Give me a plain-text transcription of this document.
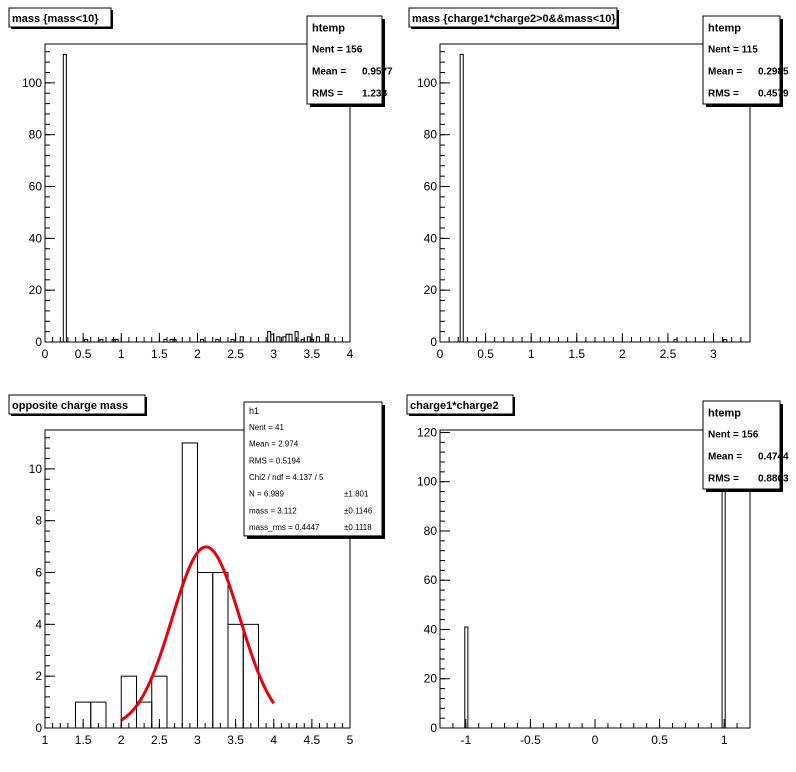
0 0.5 1 1.5 2 2.5 3 3.5 4
0
20
40
60
80
100
mass {mass<10}
htemp
Nent = 156
Mean = 0.9577
RMS = 1.238
0	0.5	1	1.5	2	2.5	3
0
20
40
60
80
100
mass {charge1*charge2>0&&mass<10}
htemp
Nent = 115
Mean = 0.2985
RMS = 0.4579
1 1.5 2 2.5 3 3.5 4 4.5 5
0
2
4
6
8
10
opposite charge mass	h1
Nent = 41
Mean = 2.974
RMS = 0.5194
Chi2 / ndf = 4.137 / 5
N = 6.989	±1.801
mass = 3.112	±0.1146
mass_rms = 0.4447	±0.1118
-1	-0.5	0	0.5	1
0
20
40
60
80
100
120
charge1*charge2
htemp
Nent = 156
Mean = 0.4744
RMS = 0.8803
